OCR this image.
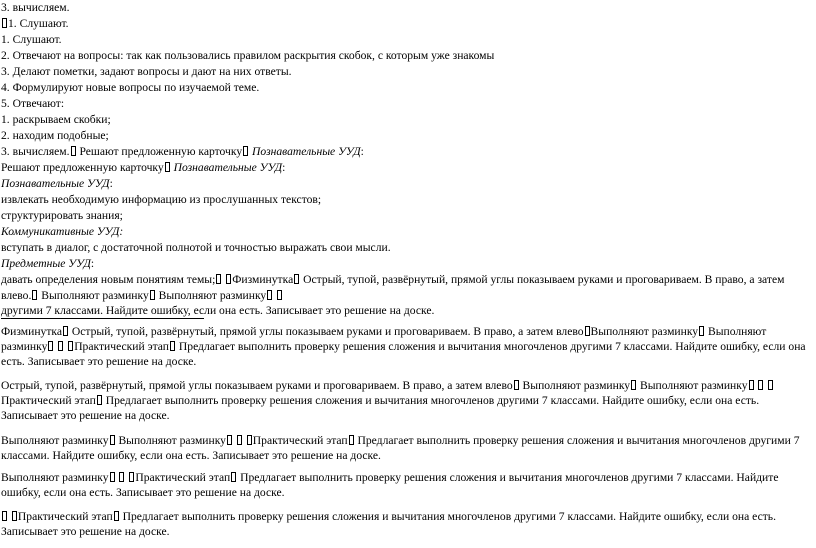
3. вычисляем.
1. Слушают.
1. Слушают.
2. Отвечают на вопросы: так как пользовались правилом раскрытия скобок, с которым уже знакомы
3. Делают пометки, задают вопросы и дают на них ответы.
4. Формулируют новые вопросы по изучаемой теме.
5. Отвечают:
1. раскрываем скобки;
2. находим подобные;
3. вычисляем. Решают предложенную карточку Познавательные УУД:
Решают предложенную карточку Познавательные УУД:
Познавательные УУД:
извлекать необходимую информацию из прослушанных текстов;
структурировать знания;
Коммуникативные УУД:
вступать в диалог, с достаточной полнотой и точностью выражать свои мысли.
Предметные УУД:
давать определения новым понятиям темы; Физминутка Острый, тупой, развёрнутый, прямой углы показываем руками и проговариваем. В право, а затем
влево. Выполняют разминку Выполняют разминку
другими 7 классами. Найдите ошибку, если она есть. Записывает это решение на доске.
Физминутка Острый, тупой, развёрнутый, прямой углы показываем руками и проговариваем. В право, а затем влево Выполняют разминку Выполняют разминку Практический этап Предлагает выполнить проверку решения сложения и вычитания многочленов другими 7 классами. Найдите ошибку, если она есть. Записывает это решение на доске.
Острый, тупой, развёрнутый, прямой углы показываем руками и проговариваем. В право, а затем влево Выполняют разминку Выполняют разминку  Практический этап Предлагает выполнить проверку решения сложения и вычитания многочленов другими 7 классами. Найдите ошибку, если она есть. Записывает это решение на доске.
Выполняют разминку Выполняют разминку Практический этап Предлагает выполнить проверку решения сложения и вычитания многочленов другими 7 классами. Найдите ошибку, если она есть. Записывает это решение на доске.
Выполняют разминку Практический этап Предлагает выполнить проверку решения сложения и вычитания многочленов другими 7 классами. Найдите ошибку, если она есть. Записывает это решение на доске.
Практический этап Предлагает выполнить проверку решения сложения и вычитания многочленов другими 7 классами. Найдите ошибку, если она есть. Записывает это решение на доске.
